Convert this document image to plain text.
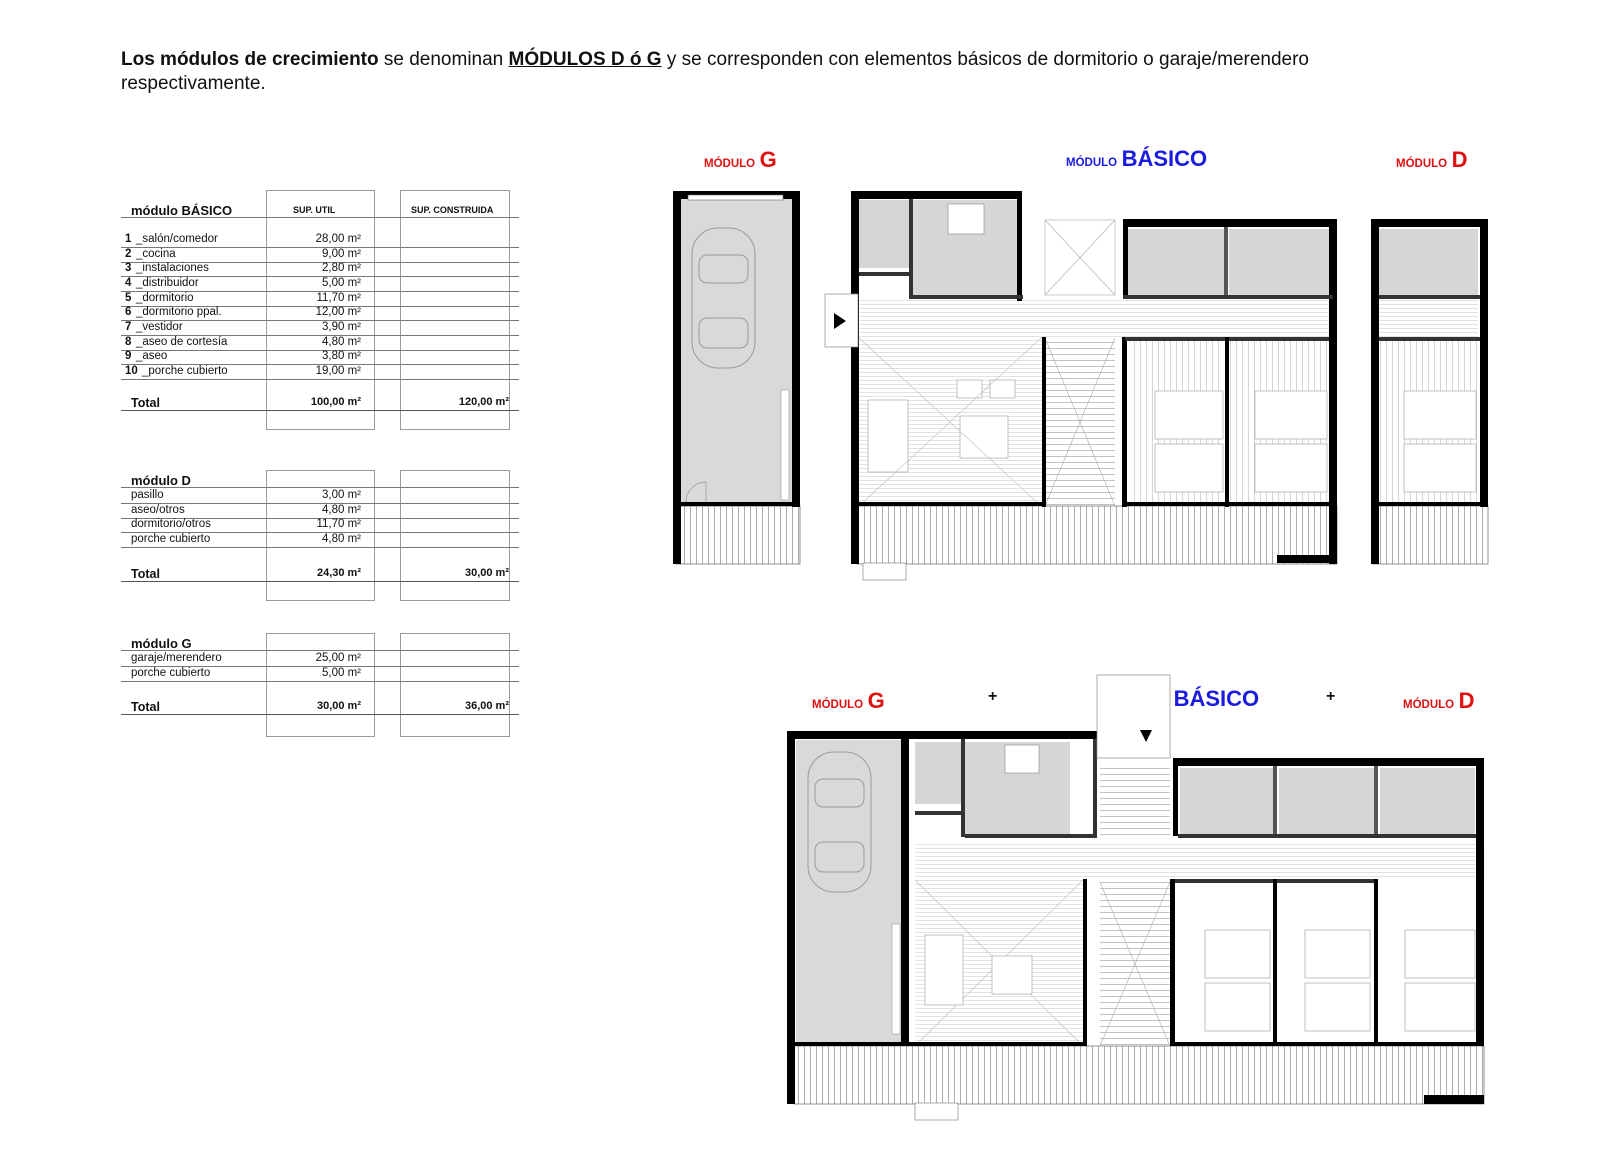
Los módulos de crecimiento se denominan MÓDULOS D ó G y se corresponden con elementos básicos de dormitorio o garaje/merendero respectivamente.
módulo BÁSICO	SUP. UTIL	SUP. CONSTRUIDA
1 _salón/comedor	28,00 m²
2 _cocina	9,00 m²
3 _instalaciones	2,80 m²
4 _distribuidor	5,00 m²
5 _dormitorio	11,70 m²
6 _dormitorio ppal.	12,00 m²
7 _vestidor	3,90 m²
8 _aseo de cortesía	4,80 m²
9 _aseo	3,80 m²
10 _porche cubierto	19,00 m²
Total	100,00 m²	120,00 m²
módulo D
pasillo	3,00 m²
aseo/otros	4,80 m²
dormitorio/otros	11,70 m²
porche cubierto	4,80 m²
Total	24,30 m²	30,00 m²
módulo G
garaje/merendero	25,00 m²
porche cubierto	5,00 m²
Total	30,00 m²	36,00 m²
MÓDULO G	MÓDULO BÁSICO	MÓDULO D
MÓDULO G	+	BÁSICO	+	MÓDULO D
